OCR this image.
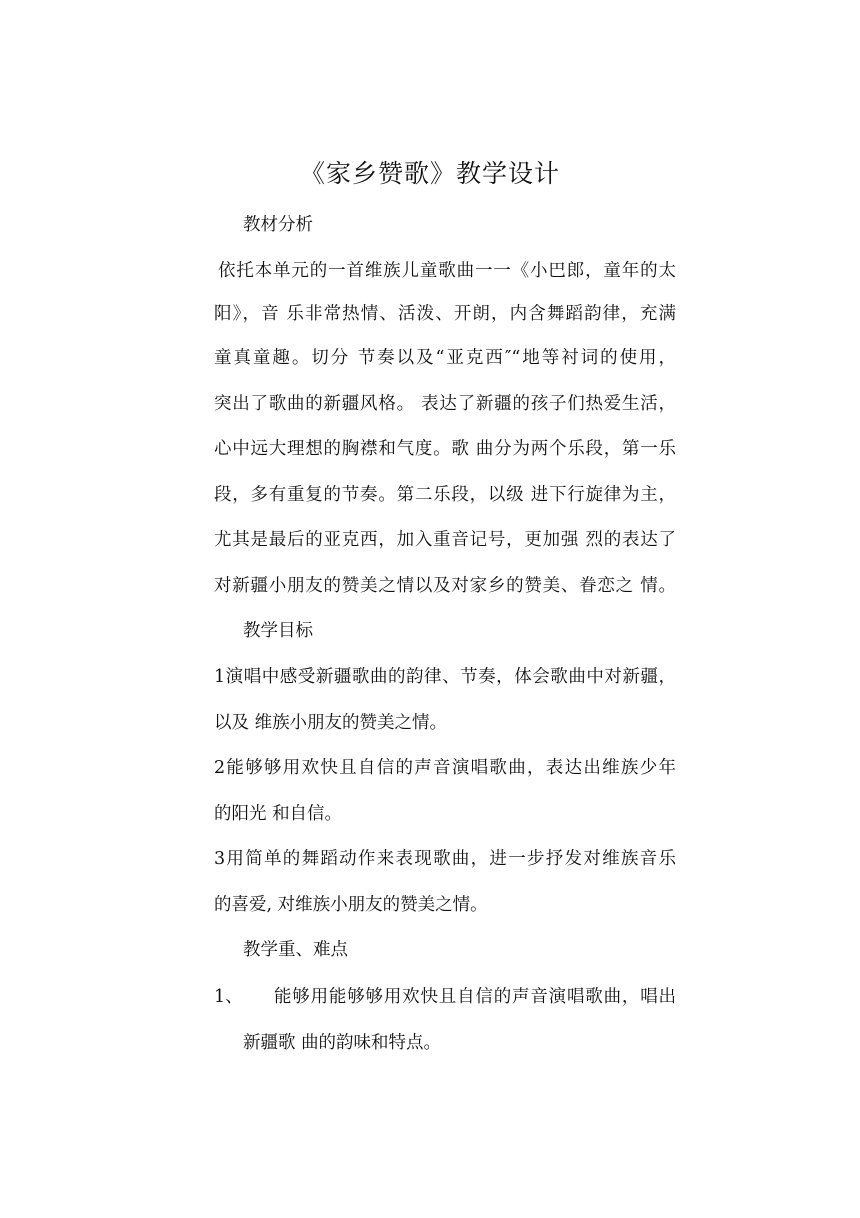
《家乡赞歌》教学设计
教材分析
依托本单元的一首维族儿童歌曲一一《小巴郎，童年的太
阳》，音 乐非常热情、活泼、开朗，内含舞蹈韵律，充满
童真童趣。切分 节奏以及“亚克西″“地等衬词的使用，
突出了歌曲的新疆风格。 表达了新疆的孩子们热爱生活，
心中远大理想的胸襟和气度。歌 曲分为两个乐段，第一乐
段，多有重复的节奏。第二乐段，以级 进下行旋律为主，
尤其是最后的亚克西，加入重音记号，更加强 烈的表达了
对新疆小朋友的赞美之情以及对家乡的赞美、眷恋之 情。
教学目标
1演唱中感受新疆歌曲的韵律、节奏，体会歌曲中对新疆，
以及 维族小朋友的赞美之情。
2能够够用欢快且自信的声音演唱歌曲，表达出维族少年
的阳光 和自信。
3用简单的舞蹈动作来表现歌曲，进一步抒发对维族音乐
的喜爱, 对维族小朋友的赞美之情。
教学重、难点
1、 能够用能够够用欢快且自信的声音演唱歌曲，唱出
新疆歌 曲的韵味和特点。
